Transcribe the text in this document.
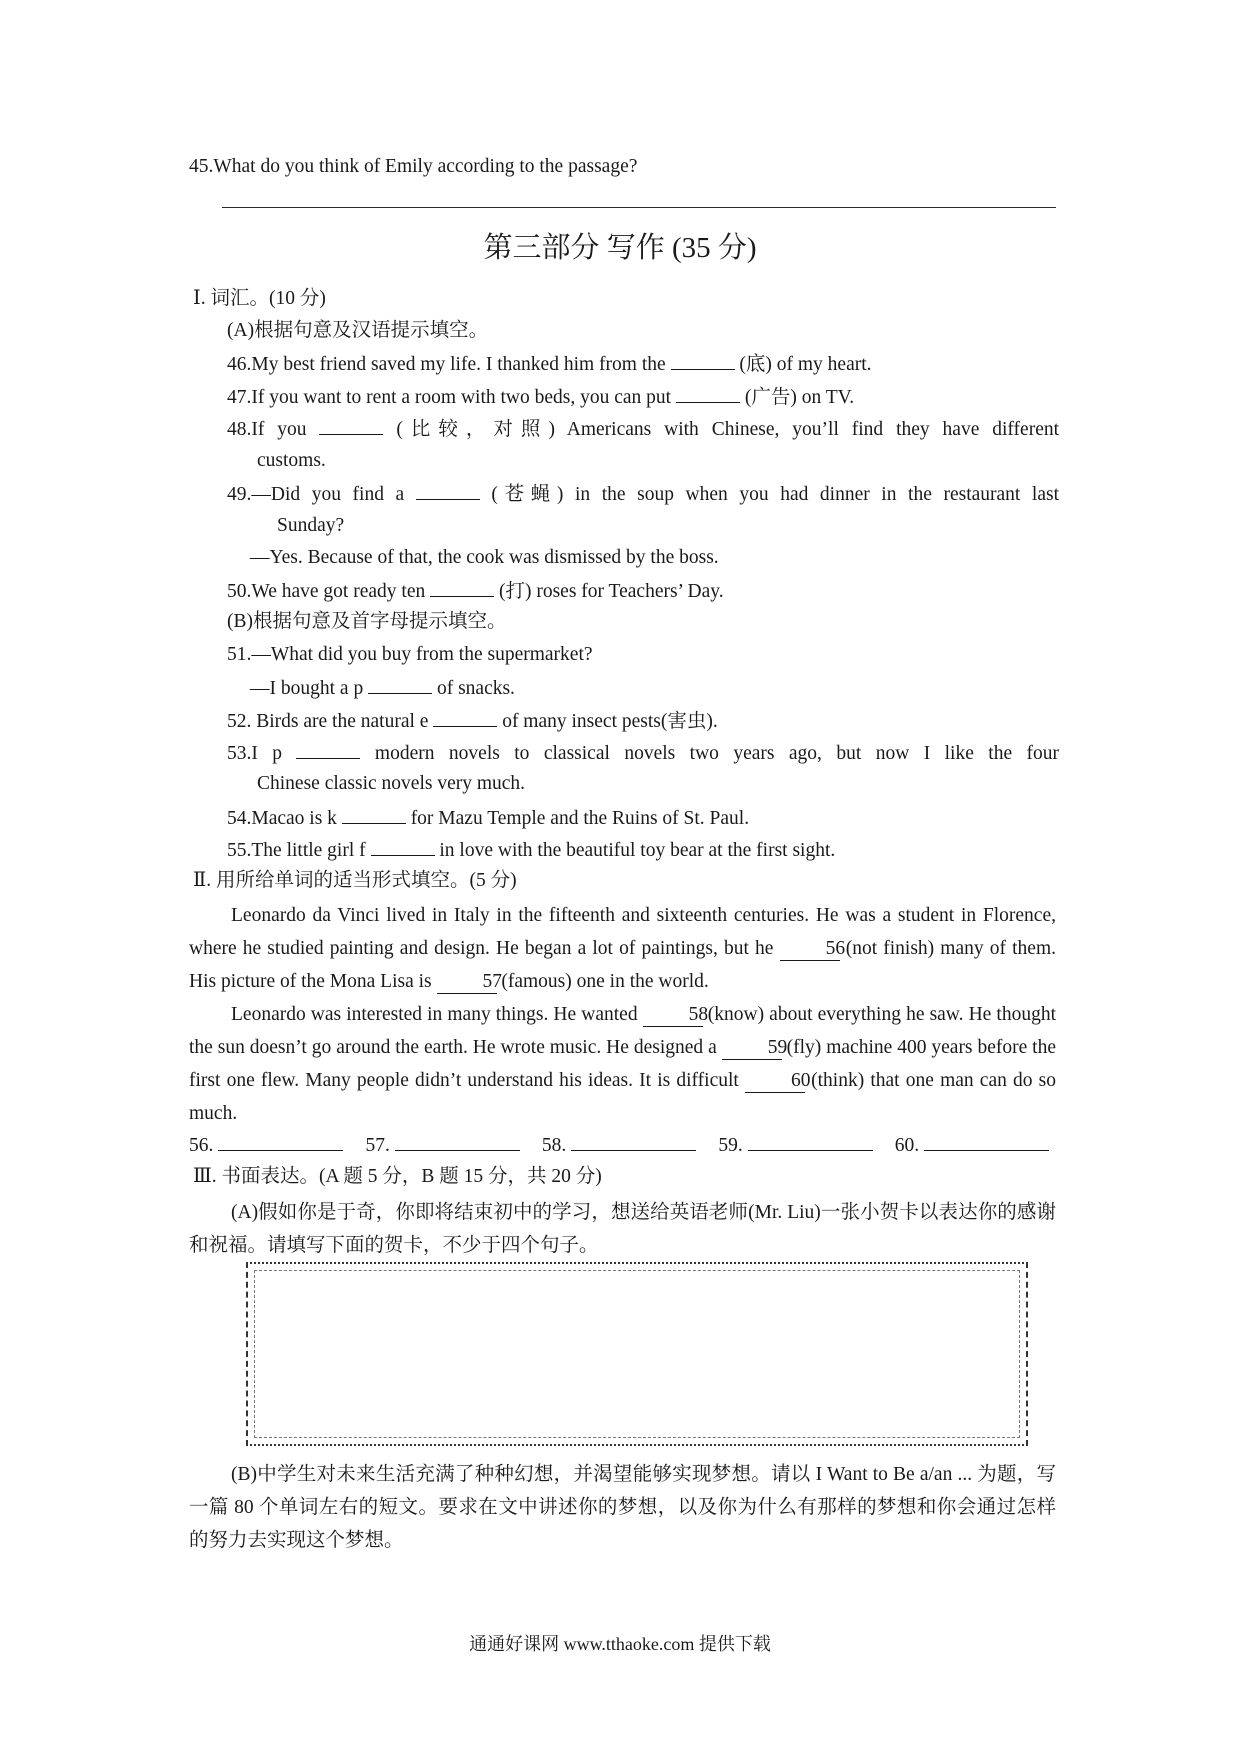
45.What do you think of Emily according to the passage?
第三部分 写作 (35 分)
Ⅰ. 词汇。(10 分)
(A)根据句意及汉语提示填空。
46.My best friend saved my life. I thanked him from the	(底) of my heart.
47.If you want to rent a room with two beds, you can put	(广告) on TV.
48.If you	(比较，对照) Americans with Chinese, you’ll find they have different
customs.
49.—Did you find a	(苍蝇) in the soup when you had dinner in the restaurant last
Sunday?
—Yes. Because of that, the cook was dismissed by the boss.
50.We have got ready ten	(打) roses for Teachers’ Day.
(B)根据句意及首字母提示填空。
51.—What did you buy from the supermarket?
—I bought a p	of snacks.
52. Birds are the natural e	of many insect pests(害虫).
53.I p	modern novels to classical novels two years ago, but now I like the four
Chinese classic novels very much.
54.Macao is k	for Mazu Temple and the Ruins of St. Paul.
55.The little girl f	in love with the beautiful toy bear at the first sight.
Ⅱ. 用所给单词的适当形式填空。(5 分)
Leonardo da Vinci lived in Italy in the fifteenth and sixteenth centuries. He was a student in Florence, where he studied painting and design. He began a lot of paintings, but he	56 (not finish) many of them. His picture of the Mona Lisa is	57 (famous) one in the world.
Leonardo was interested in many things. He wanted	58 (know) about everything he saw. He thought the sun doesn’t go around the earth. He wrote music. He designed a	59 (fly) machine 400 years before the first one flew. Many people didn’t understand his ideas. It is difficult	60 (think) that one man can do so much.
56.	57.	58.	59.	60.
Ⅲ. 书面表达。(A 题 5 分，B 题 15 分，共 20 分)
(A)假如你是于奇，你即将结束初中的学习，想送给英语老师(Mr. Liu)一张小贺卡以表达你的感谢和祝福。请填写下面的贺卡，不少于四个句子。
(B)中学生对未来生活充满了种种幻想，并渴望能够实现梦想。请以 I Want to Be a/an ... 为题，写一篇 80 个单词左右的短文。要求在文中讲述你的梦想，以及你为什么有那样的梦想和你会通过怎样的努力去实现这个梦想。
通通好课网 www.tthaoke.com 提供下载
